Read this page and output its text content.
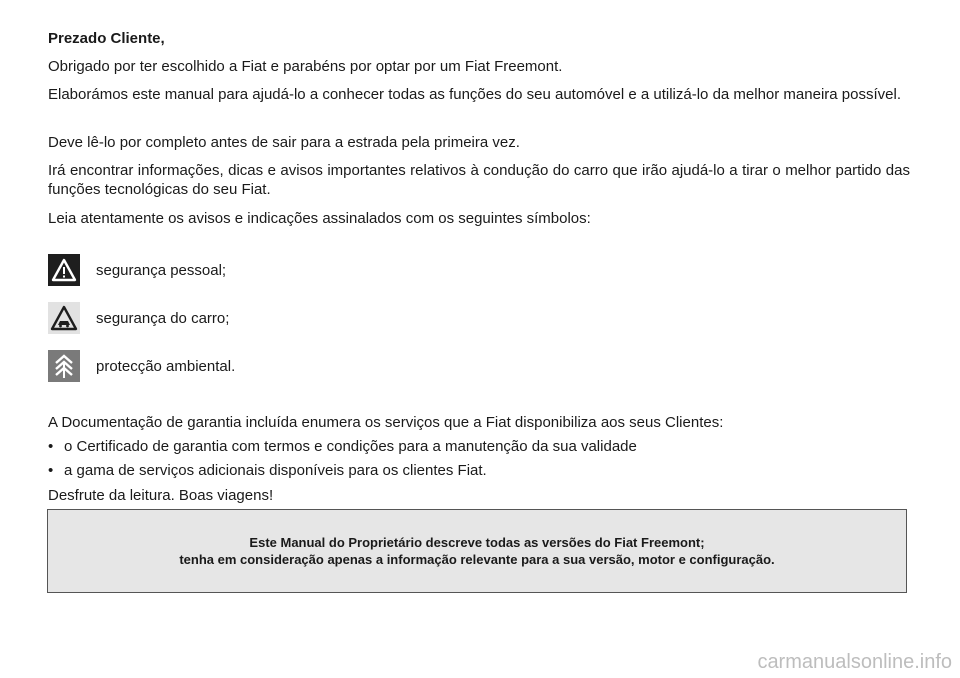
Prezado Cliente,

Obrigado por ter escolhido a Fiat e parabéns por optar por um Fiat Freemont.

Elaborámos este manual para ajudá-lo a conhecer todas as funções do seu automóvel e a utilizá-lo da melhor maneira possível.

Deve lê-lo por completo antes de sair para a estrada pela primeira vez.

Irá encontrar informações, dicas e avisos importantes relativos à condução do carro que irão ajudá-lo a tirar o melhor partido das funções tecnológicas do seu Fiat.

Leia atentamente os avisos e indicações assinalados com os seguintes símbolos:

segurança pessoal;
segurança do carro;
protecção ambiental.

A Documentação de garantia incluída enumera os serviços que a Fiat disponibiliza aos seus Clientes:

• o Certificado de garantia com termos e condições para a manutenção da sua validade
• a gama de serviços adicionais disponíveis para os clientes Fiat.

Desfrute da leitura. Boas viagens!

Este Manual do Proprietário descreve todas as versões do Fiat Freemont;
tenha em consideração apenas a informação relevante para a sua versão, motor e configuração.
carmanualsonline.info
